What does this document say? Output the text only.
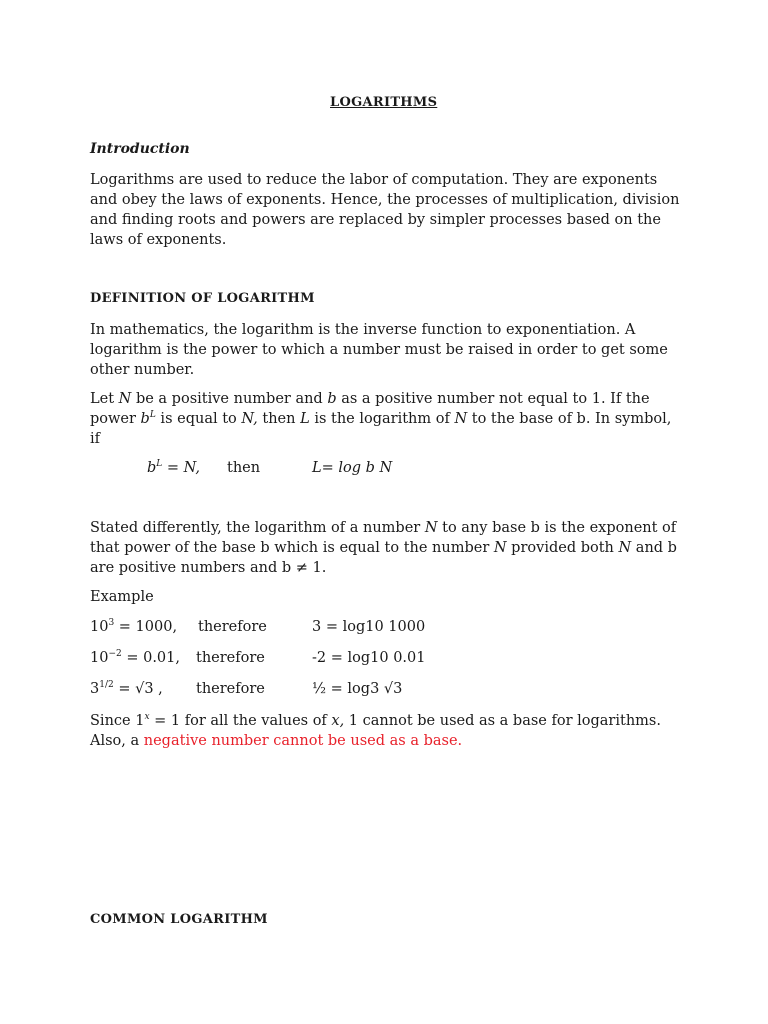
LOGARITHMS
Introduction
Logarithms are used to reduce the labor of computation. They are exponents
and obey the laws of exponents. Hence, the processes of multiplication, division
and finding roots and powers are replaced by simpler processes based on the
laws of exponents.
DEFINITION OF LOGARITHM
In mathematics, the logarithm is the inverse function to exponentiation. A
logarithm is the power to which a number must be raised in order to get some
other number.
Let N be a positive number and b as a positive number not equal to 1. If the
power $b^L$ is equal to N, then L is the logarithm of N to the base of b. In symbol,
if
$b^L = N$, then	L= log b N
Stated differently, the logarithm of a number N to any base b is the exponent of
that power of the base b which is equal to the number N provided both N and b
are positive numbers and b ≠ 1.
Example
$10^3 = 1000$, therefore	3 = log10 1000
$10^{-2} = 0.01$, therefore	-2 = log10 0.01
$3^{1/2} = √3$ , therefore	½ = log3 √3
Since $1^x = 1$ for all the values of x, 1 cannot be used as a base for logarithms.
Also, a negative number cannot be used as a base.
COMMON LOGARITHM
